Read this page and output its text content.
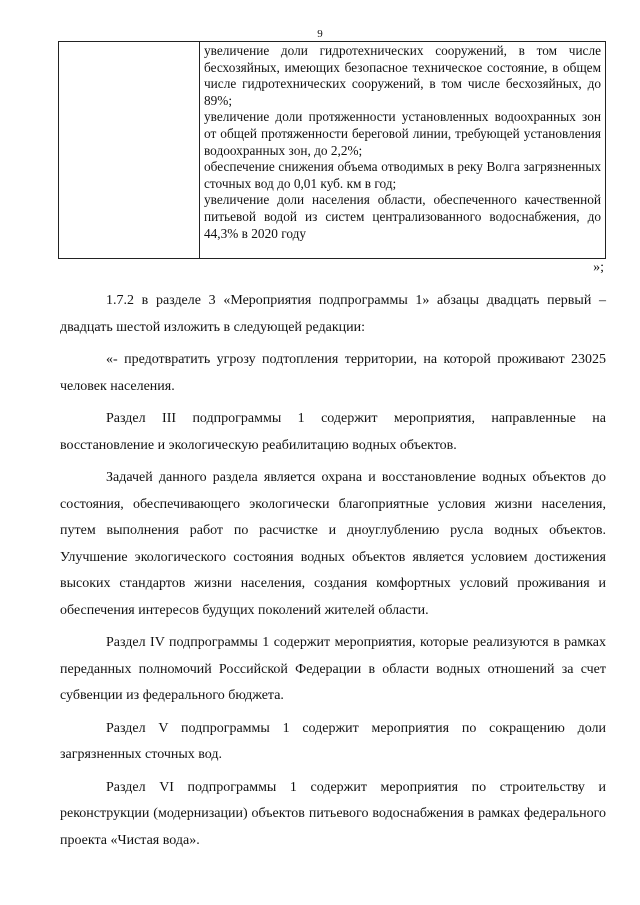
9

увеличение доли гидротехнических сооружений, в том числе бесхозяйных, имеющих безопасное техническое состояние, в общем числе гидротехнических сооружений, в том числе бесхозяйных, до 89%;

увеличение доли протяженности установленных водоохранных зон от общей протяженности береговой линии, требующей установления водоохранных зон, до 2,2%;

обеспечение снижения объема отводимых в реку Волга загрязненных сточных вод до 0,01 куб. км в год;

увеличение доли населения области, обеспеченного качественной питьевой водой из систем централизованного водоснабжения, до 44,3% в 2020 году

»;

1.7.2 в разделе 3 «Мероприятия подпрограммы 1» абзацы двадцать первый – двадцать шестой изложить в следующей редакции:

«- предотвратить угрозу подтопления территории, на которой проживают 23025 человек населения.

Раздел III подпрограммы 1 содержит мероприятия, направленные на восстановление и экологическую реабилитацию водных объектов.

Задачей данного раздела является охрана и восстановление водных объектов до состояния, обеспечивающего экологически благоприятные условия жизни населения, путем выполнения работ по расчистке и дноуглублению русла водных объектов. Улучшение экологического состояния водных объектов является условием достижения высоких стандартов жизни населения, создания комфортных условий проживания и обеспечения интересов будущих поколений жителей области.

Раздел IV подпрограммы 1 содержит мероприятия, которые реализуются в рамках переданных полномочий Российской Федерации в области водных отношений за счет субвенции из федерального бюджета.

Раздел V подпрограммы 1 содержит мероприятия по сокращению доли загрязненных сточных вод.

Раздел VI подпрограммы 1 содержит мероприятия по строительству и реконструкции (модернизации) объектов питьевого водоснабжения в рамках федерального проекта «Чистая вода».
